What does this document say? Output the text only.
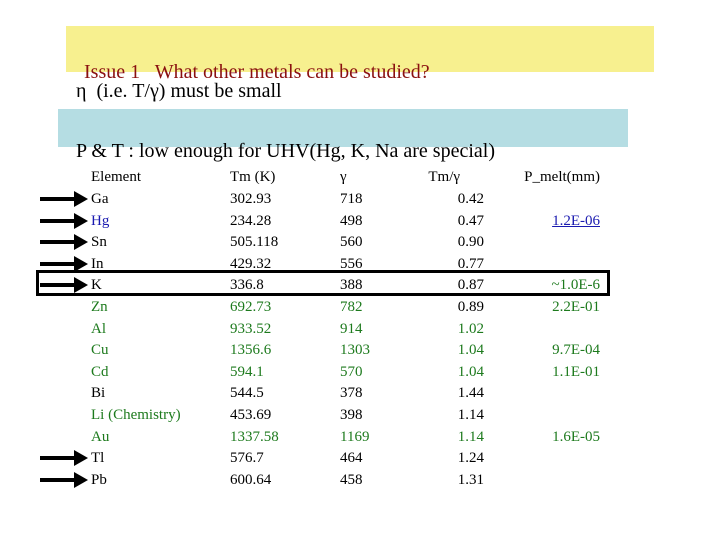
Issue 1   What other metals can be studied?

η  (i.e. T/γ) must be small

P & T : low enough for UHV(Hg, K, Na are special)

Element	Tm (K)	γ	Tm/γ	P_melt(mm)
Ga	302.93	718	0.42
Hg	234.28	498	0.47	1.2E-06
Sn	505.118	560	0.90
In	429.32	556	0.77
K	336.8	388	0.87	~1.0E-6
Zn	692.73	782	0.89	2.2E-01
Al	933.52	914	1.02
Cu	1356.6	1303	1.04	9.7E-04
Cd	594.1	570	1.04	1.1E-01
Bi	544.5	378	1.44
Li (Chemistry)	453.69	398	1.14
Au	1337.58	1169	1.14	1.6E-05
Tl	576.7	464	1.24
Pb	600.64	458	1.31
